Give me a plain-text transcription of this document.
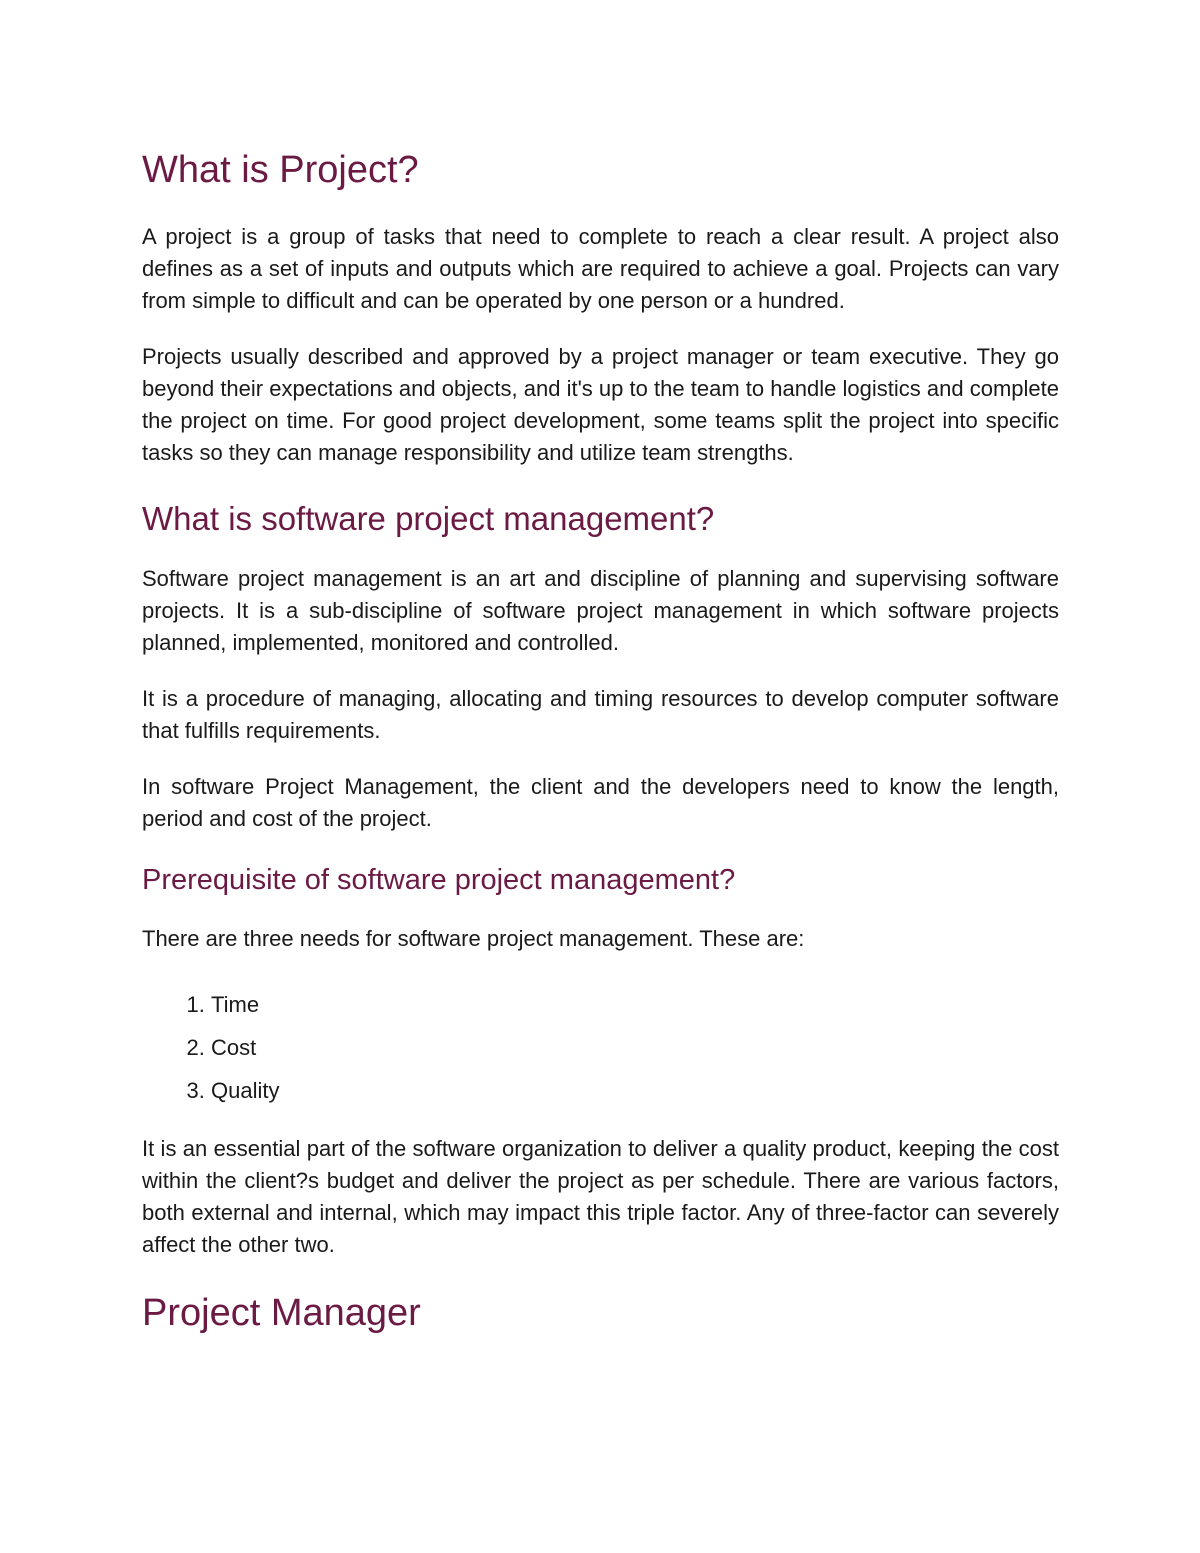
What is Project?

A project is a group of tasks that need to complete to reach a clear result. A project also defines as a set of inputs and outputs which are required to achieve a goal. Projects can vary from simple to difficult and can be operated by one person or a hundred.

Projects usually described and approved by a project manager or team executive. They go beyond their expectations and objects, and it's up to the team to handle logistics and complete the project on time. For good project development, some teams split the project into specific tasks so they can manage responsibility and utilize team strengths.

What is software project management?

Software project management is an art and discipline of planning and supervising software projects. It is a sub-discipline of software project management in which software projects planned, implemented, monitored and controlled.

It is a procedure of managing, allocating and timing resources to develop computer software that fulfills requirements.

In software Project Management, the client and the developers need to know the length, period and cost of the project.

Prerequisite of software project management?

There are three needs for software project management. These are:

1. Time
2. Cost
3. Quality

It is an essential part of the software organization to deliver a quality product, keeping the cost within the client?s budget and deliver the project as per schedule. There are various factors, both external and internal, which may impact this triple factor. Any of three-factor can severely affect the other two.

Project Manager
